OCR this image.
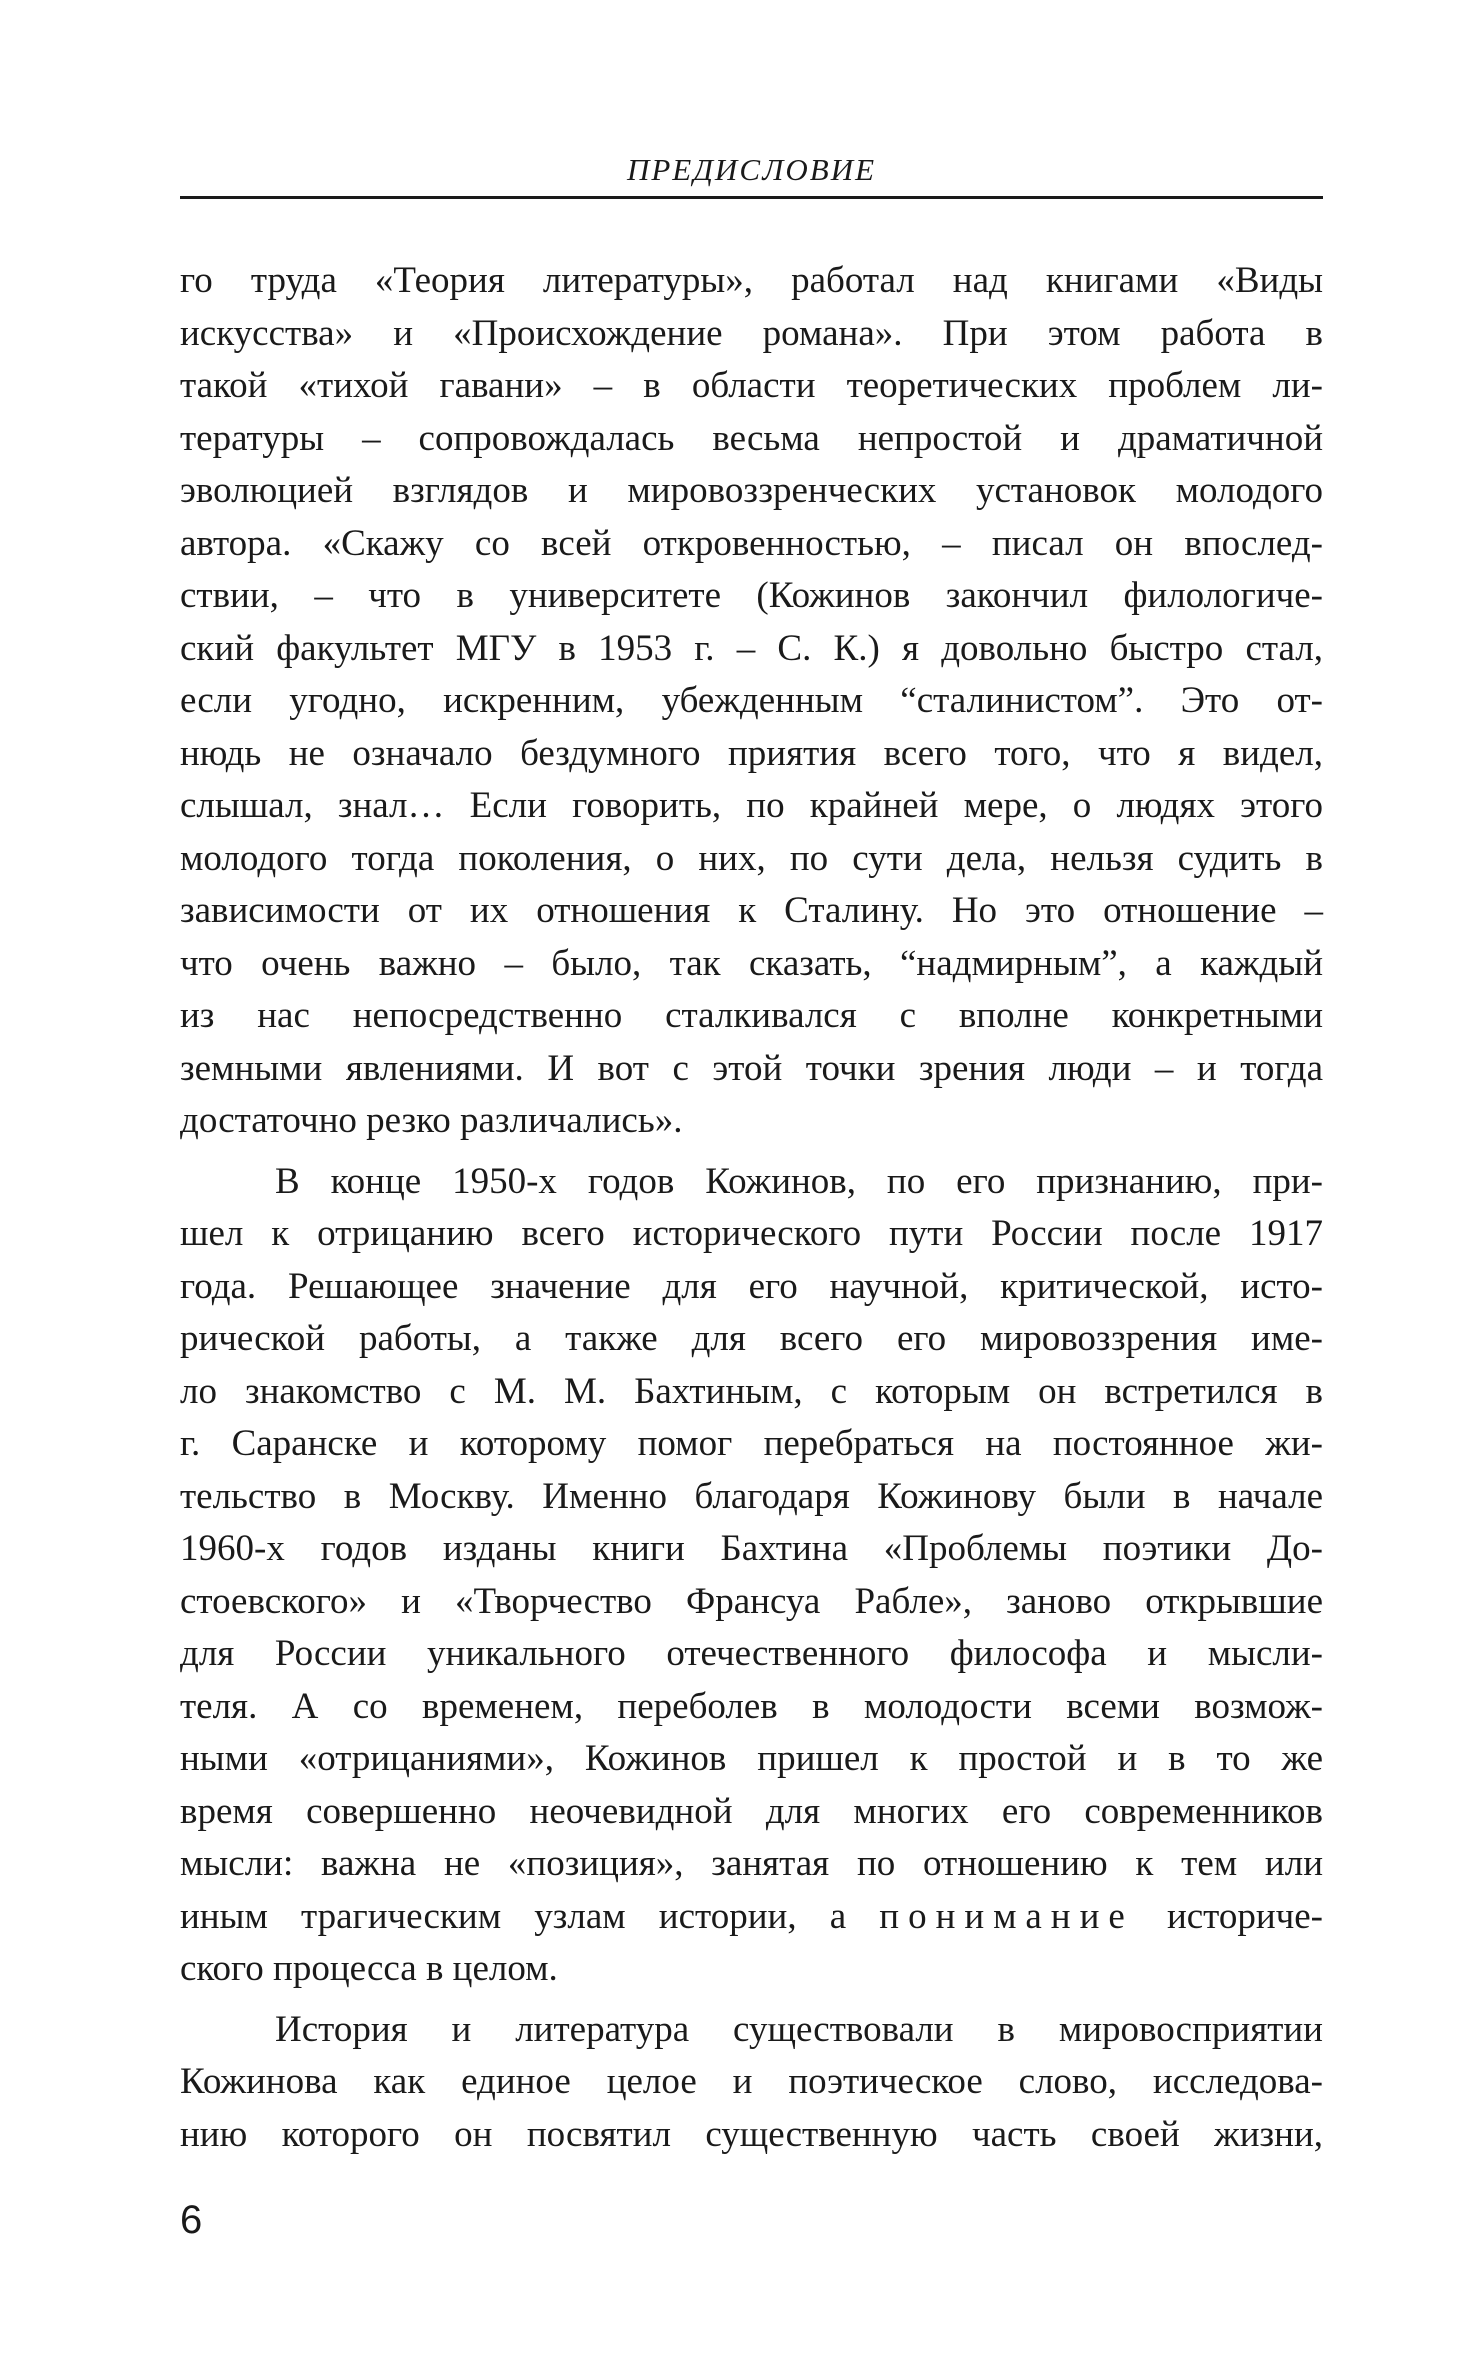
ПРЕДИСЛОВИЕ
го труда «Теория литературы», работал над книгами «Виды
искусства» и «Происхождение романа». При этом работа в
такой «тихой гавани» – в области теоретических проблем ли-
тературы – сопровождалась весьма непростой и драматичной
эволюцией взглядов и мировоззренческих установок молодого
автора. «Скажу со всей откровенностью, – писал он впослед-
ствии, – что в университете (Кожинов закончил филологиче-
ский факультет МГУ в 1953 г. – С. К.) я довольно быстро стал,
если угодно, искренним, убежденным “сталинистом”. Это от-
нюдь не означало бездумного приятия всего того, что я видел,
слышал, знал… Если говорить, по крайней мере, о людях этого
молодого тогда поколения, о них, по сути дела, нельзя судить в
зависимости от их отношения к Сталину. Но это отношение –
что очень важно – было, так сказать, “надмирным”, а каждый
из нас непосредственно сталкивался с вполне конкретными
земными явлениями. И вот с этой точки зрения люди – и тогда
достаточно резко различались».
В конце 1950-х годов Кожинов, по его признанию, при-
шел к отрицанию всего исторического пути России после 1917
года. Решающее значение для его научной, критической, исто-
рической работы, а также для всего его мировоззрения име-
ло знакомство с М. М. Бахтиным, с которым он встретился в
г. Саранске и которому помог перебраться на постоянное жи-
тельство в Москву. Именно благодаря Кожинову были в начале
1960-х годов изданы книги Бахтина «Проблемы поэтики До-
стоевского» и «Творчество Франсуа Рабле», заново открывшие
для России уникального отечественного философа и мысли-
теля. А со временем, переболев в молодости всеми возмож-
ными «отрицаниями», Кожинов пришел к простой и в то же
время совершенно неочевидной для многих его современников
мысли: важна не «позиция», занятая по отношению к тем или
иным трагическим узлам истории, а понимание историче-
ского процесса в целом.
История и литература существовали в мировосприятии
Кожинова как единое целое и поэтическое слово, исследова-
нию которого он посвятил существенную часть своей жизни,
6
